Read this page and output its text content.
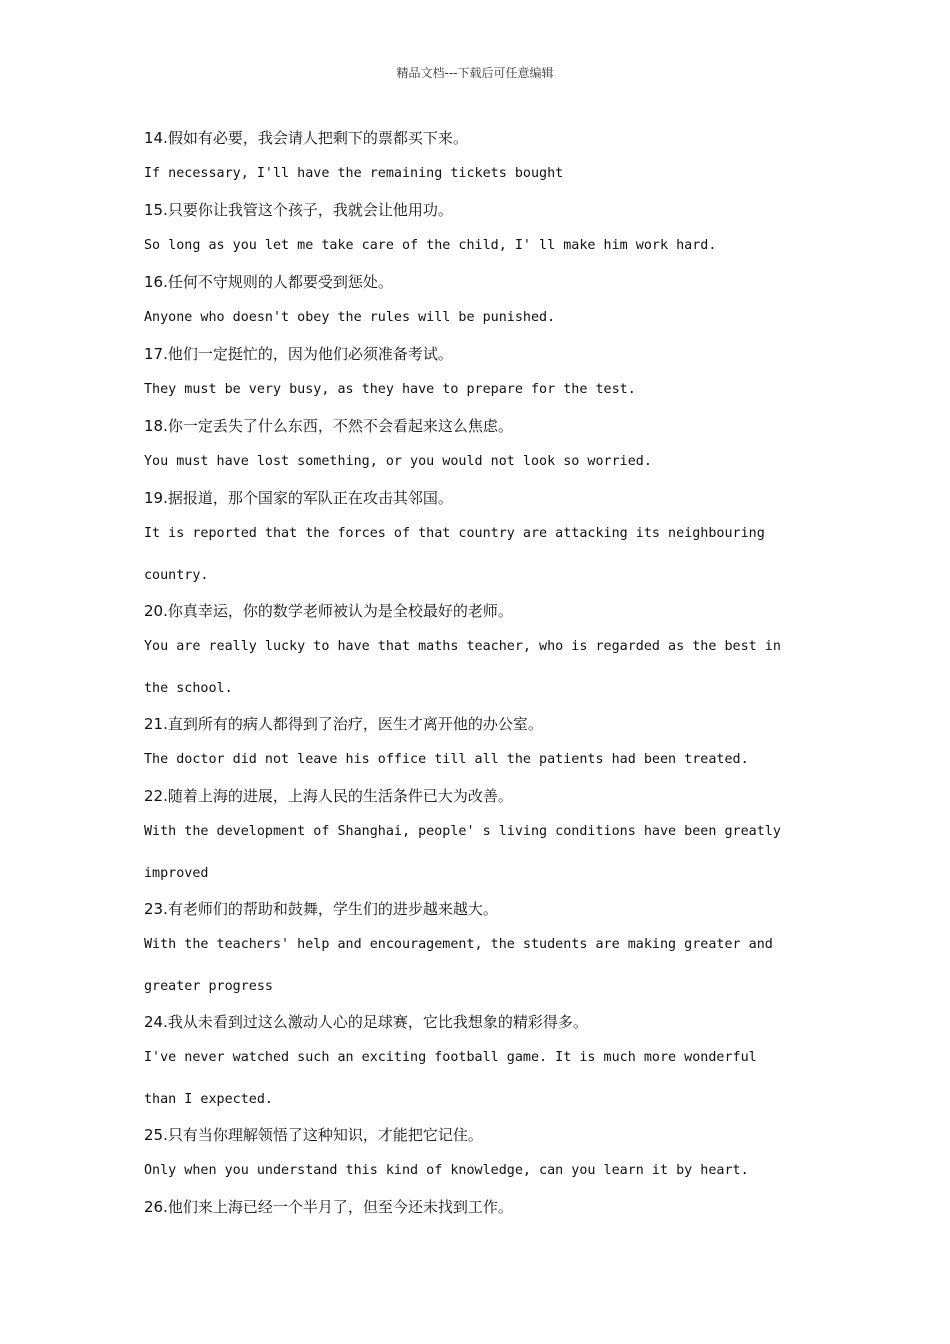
精品文档---下载后可任意编辑
14.假如有必要，我会请人把剩下的票都买下来。
If necessary, I'll have the remaining tickets bought
15.只要你让我管这个孩子，我就会让他用功。
So long as you let me take care of the child, I' ll make him work hard.
16.任何不守规则的人都要受到惩处。
Anyone who doesn't obey the rules will be punished.
17.他们一定挺忙的，因为他们必须准备考试。
They must be very busy, as they have to prepare for the test.
18.你一定丢失了什么东西，不然不会看起来这么焦虑。
You must have lost something, or you would not look so worried.
19.据报道，那个国家的军队正在攻击其邻国。
It is reported that the forces of that country are attacking its neighbouring
country.
20.你真幸运，你的数学老师被认为是全校最好的老师。
You are really lucky to have that maths teacher, who is regarded as the best in
the school.
21.直到所有的病人都得到了治疗，医生才离开他的办公室。
The doctor did not leave his office till all the patients had been treated.
22.随着上海的进展，上海人民的生活条件已大为改善。
With the development of Shanghai, people' s living conditions have been greatly
improved
23.有老师们的帮助和鼓舞，学生们的进步越来越大。
With the teachers' help and encouragement, the students are making greater and
greater progress
24.我从未看到过这么激动人心的足球赛，它比我想象的精彩得多。
I've never watched such an exciting football game. It is much more wonderful
than I expected.
25.只有当你理解领悟了这种知识，才能把它记住。
Only when you understand this kind of knowledge, can you learn it by heart.
26.他们来上海已经一个半月了，但至今还未找到工作。
